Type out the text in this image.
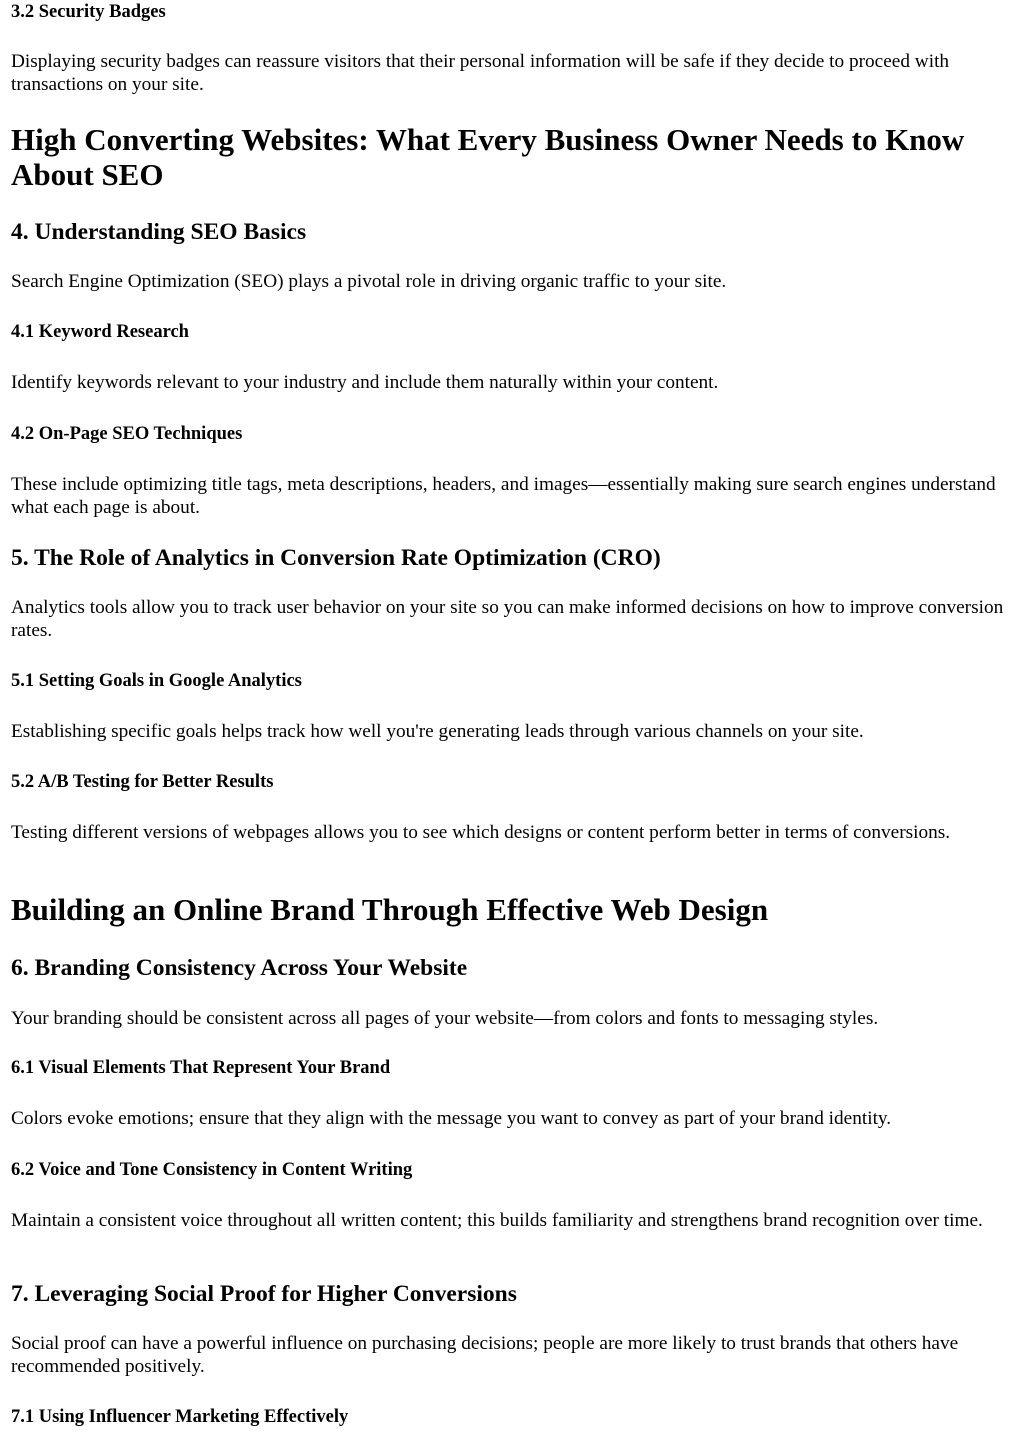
3.2 Security Badges

Displaying security badges can reassure visitors that their personal information will be safe if they decide to proceed with transactions on your site.

High Converting Websites: What Every Business Owner Needs to Know About SEO
4. Understanding SEO Basics

Search Engine Optimization (SEO) plays a pivotal role in driving organic traffic to your site.

4.1 Keyword Research

Identify keywords relevant to your industry and include them naturally within your content.

4.2 On-Page SEO Techniques

These include optimizing title tags, meta descriptions, headers, and images—essentially making sure search engines understand what each page is about.

5. The Role of Analytics in Conversion Rate Optimization (CRO)

Analytics tools allow you to track user behavior on your site so you can make informed decisions on how to improve conversion rates.

5.1 Setting Goals in Google Analytics

Establishing specific goals helps track how well you're generating leads through various channels on your site.

5.2 A/B Testing for Better Results

Testing different versions of webpages allows you to see which designs or content perform better in terms of conversions.

Building an Online Brand Through Effective Web Design
6. Branding Consistency Across Your Website

Your branding should be consistent across all pages of your website—from colors and fonts to messaging styles.

6.1 Visual Elements That Represent Your Brand

Colors evoke emotions; ensure that they align with the message you want to convey as part of your brand identity.

6.2 Voice and Tone Consistency in Content Writing

Maintain a consistent voice throughout all written content; this builds familiarity and strengthens brand recognition over time.

7. Leveraging Social Proof for Higher Conversions

Social proof can have a powerful influence on purchasing decisions; people are more likely to trust brands that others have recommended positively.

7.1 Using Influencer Marketing Effectively
